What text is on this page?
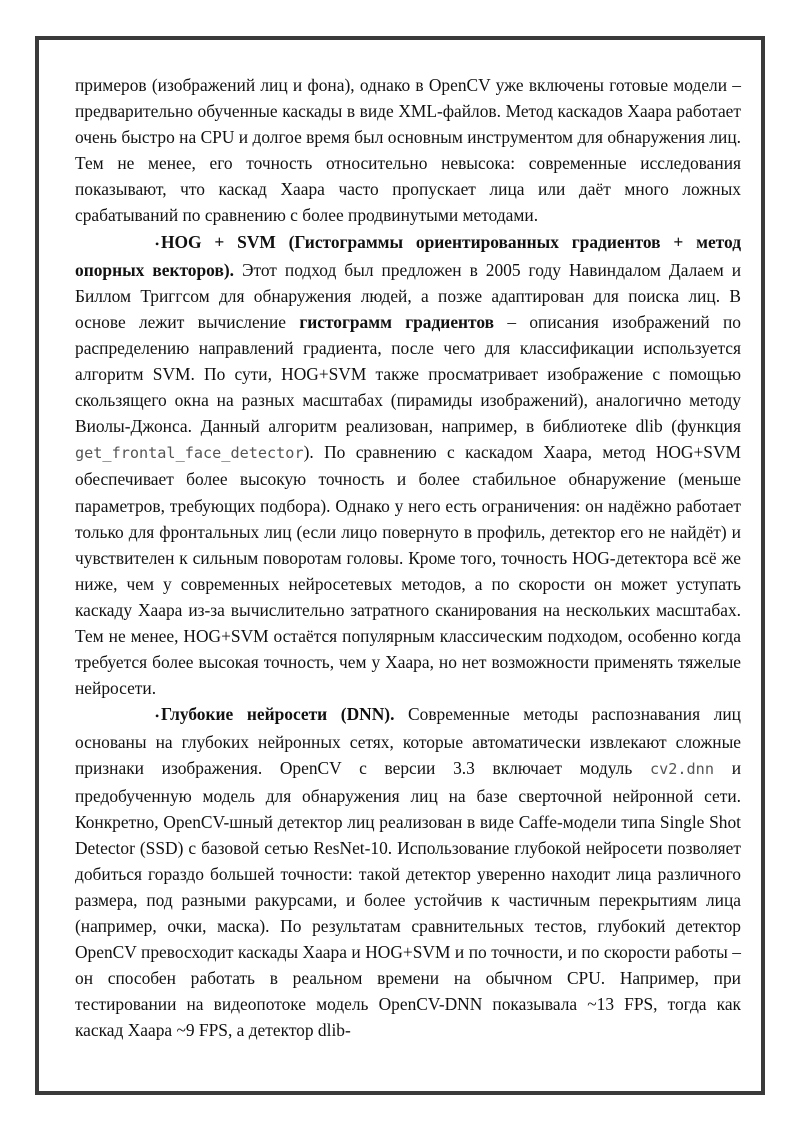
примеров (изображений лиц и фона), однако в OpenCV уже включены готовые модели – предварительно обученные каскады в виде XML-файлов. Метод каскадов Хаара работает очень быстро на CPU и долгое время был основным инструментом для обнаружения лиц. Тем не менее, его точность относительно невысока: современные исследования показывают, что каскад Хаара часто пропускает лица или даёт много ложных срабатываний по сравнению с более продвинутыми методами.

• HOG + SVM (Гистограммы ориентированных градиентов + метод опорных векторов). Этот подход был предложен в 2005 году Навиндалом Далаем и Биллом Триггсом для обнаружения людей, а позже адаптирован для поиска лиц. В основе лежит вычисление гистограмм градиентов – описания изображений по распределению направлений градиента, после чего для классификации используется алгоритм SVM. По сути, HOG+SVM также просматривает изображение с помощью скользящего окна на разных масштабах (пирамиды изображений), аналогично методу Виолы-Джонса. Данный алгоритм реализован, например, в библиотеке dlib (функция get_frontal_face_detector). По сравнению с каскадом Хаара, метод HOG+SVM обеспечивает более высокую точность и более стабильное обнаружение (меньше параметров, требующих подбора). Однако у него есть ограничения: он надёжно работает только для фронтальных лиц (если лицо повернуто в профиль, детектор его не найдёт) и чувствителен к сильным поворотам головы. Кроме того, точность HOG-детектора всё же ниже, чем у современных нейросетевых методов, а по скорости он может уступать каскаду Хаара из-за вычислительно затратного сканирования на нескольких масштабах. Тем не менее, HOG+SVM остаётся популярным классическим подходом, особенно когда требуется более высокая точность, чем у Хаара, но нет возможности применять тяжелые нейросети.

• Глубокие нейросети (DNN). Современные методы распознавания лиц основаны на глубоких нейронных сетях, которые автоматически извлекают сложные признаки изображения. OpenCV с версии 3.3 включает модуль cv2.dnn и предобученную модель для обнаружения лиц на базе сверточной нейронной сети. Конкретно, OpenCV-шный детектор лиц реализован в виде Caffe-модели типа Single Shot Detector (SSD) с базовой сетью ResNet-10. Использование глубокой нейросети позволяет добиться гораздо большей точности: такой детектор уверенно находит лица различного размера, под разными ракурсами, и более устойчив к частичным перекрытиям лица (например, очки, маска). По результатам сравнительных тестов, глубокий детектор OpenCV превосходит каскады Хаара и HOG+SVM и по точности, и по скорости работы – он способен работать в реальном времени на обычном CPU. Например, при тестировании на видеопотоке модель OpenCV-DNN показывала ~13 FPS, тогда как каскад Хаара ~9 FPS, а детектор dlib-
